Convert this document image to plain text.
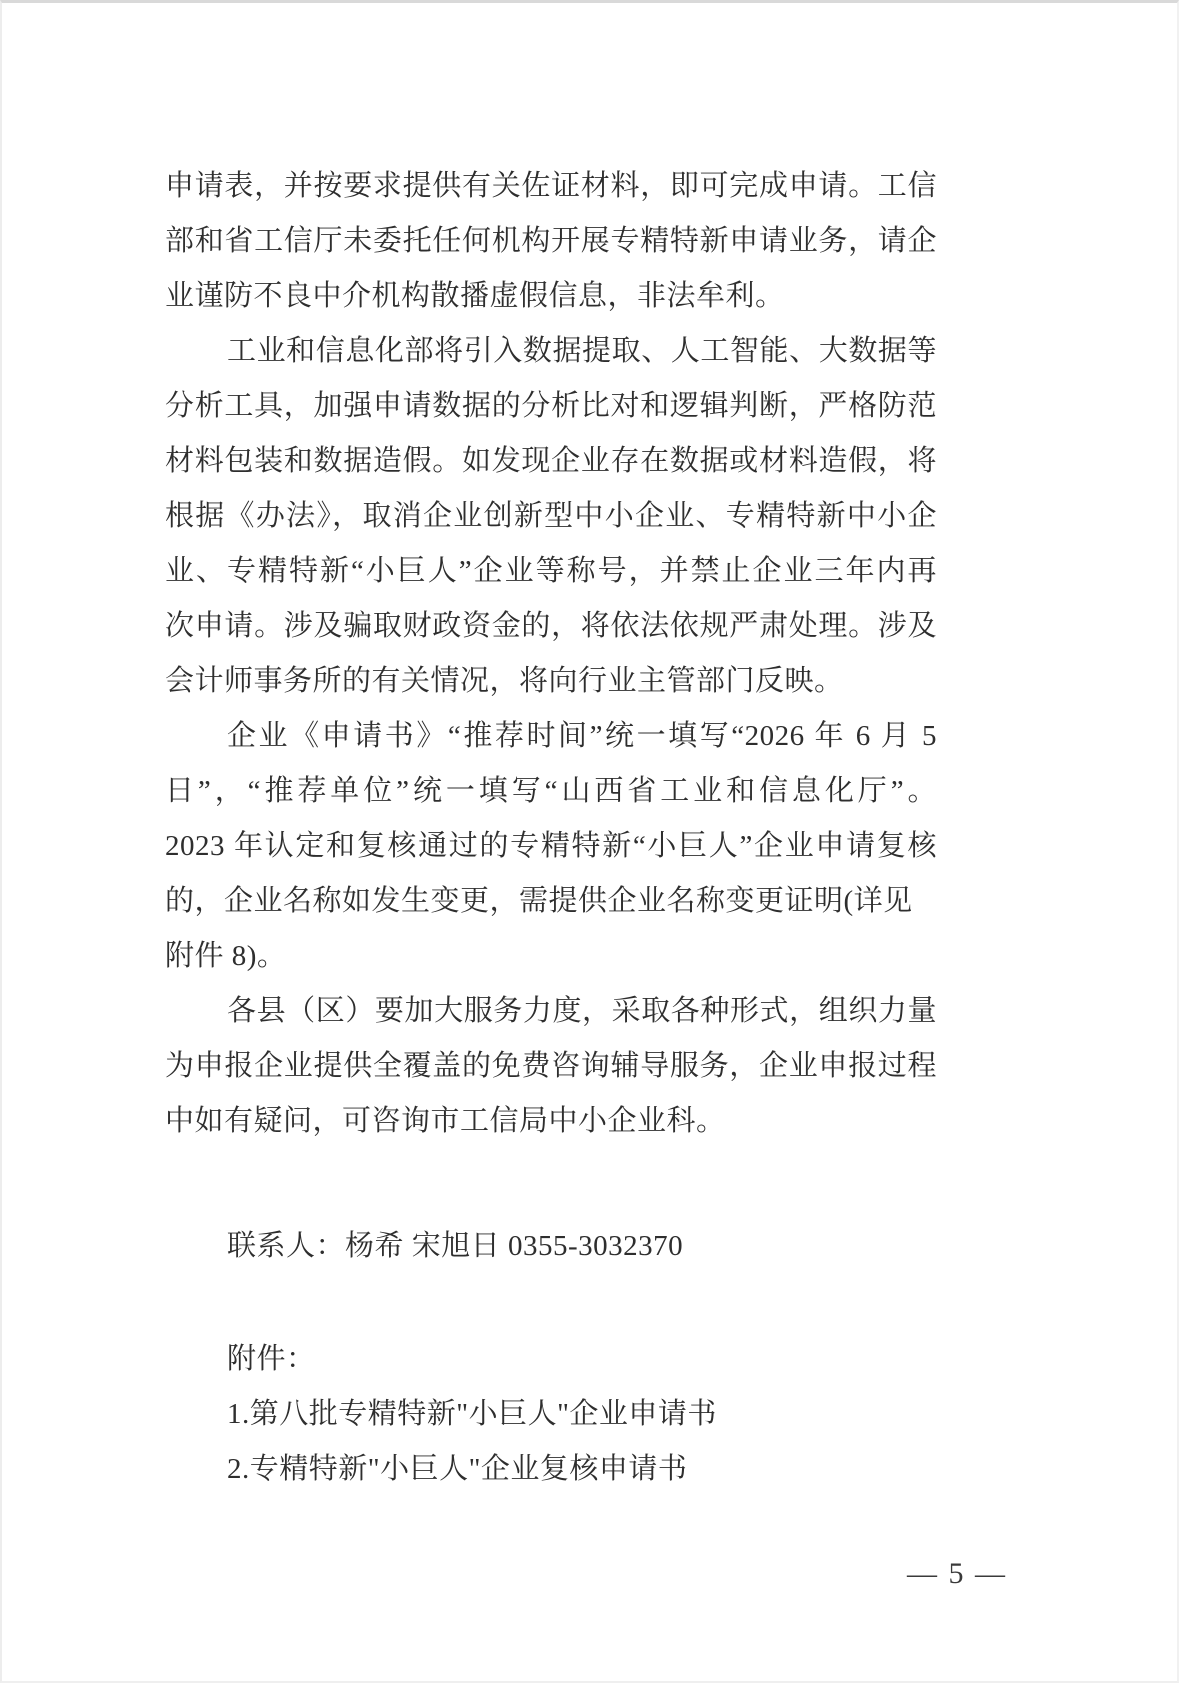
申请表，并按要求提供有关佐证材料，即可完成申请。工信
部和省工信厅未委托任何机构开展专精特新申请业务，请企
业谨防不良中介机构散播虚假信息，非法牟利。
工业和信息化部将引入数据提取、人工智能、大数据等
分析工具，加强申请数据的分析比对和逻辑判断，严格防范
材料包装和数据造假。如发现企业存在数据或材料造假，将
根据《办法》，取消企业创新型中小企业、专精特新中小企
业、专精特新“小巨人”企业等称号，并禁止企业三年内再
次申请。涉及骗取财政资金的，将依法依规严肃处理。涉及
会计师事务所的有关情况，将向行业主管部门反映。
企业《申请书》“推荐时间”统一填写“2026 年 6 月 5
日”，“推荐单位”统一填写“山西省工业和信息化厅”。
2023 年认定和复核通过的专精特新“小巨人”企业申请复核
的，企业名称如发生变更，需提供企业名称变更证明(详见
附件 8)。
各县（区）要加大服务力度，采取各种形式，组织力量
为申报企业提供全覆盖的免费咨询辅导服务，企业申报过程
中如有疑问，可咨询市工信局中小企业科。
联系人：杨希 宋旭日 0355-3032370
附件：
1.第八批专精特新"小巨人"企业申请书
2.专精特新"小巨人"企业复核申请书
— 5 —
